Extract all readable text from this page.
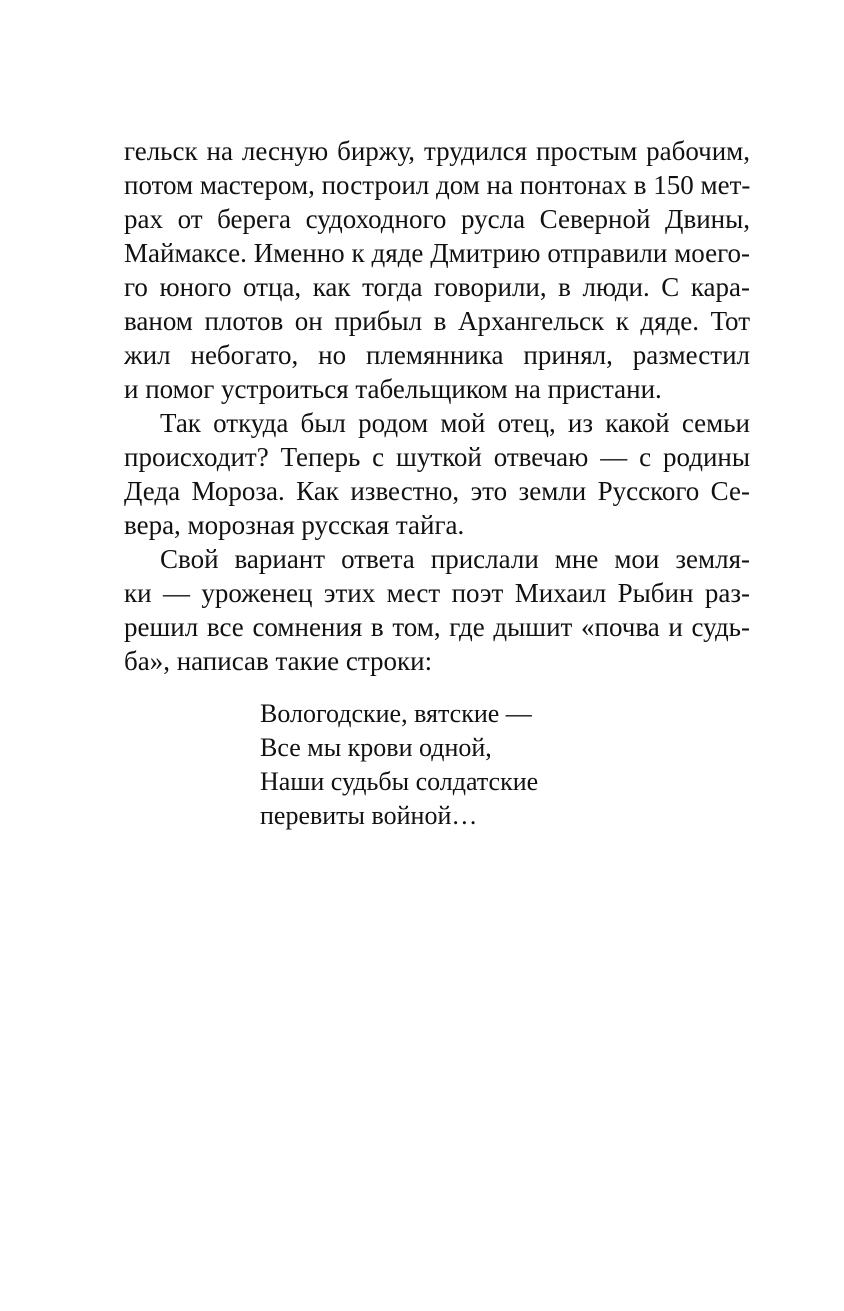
гельск на лесную биржу, трудился простым рабочим,
потом мастером, построил дом на понтонах в 150 мет-
рах от берега судоходного русла Северной Двины,
Маймаксе. Именно к дяде Дмитрию отправили моего-
го юного отца, как тогда говорили, в люди. С кара-
ваном плотов он прибыл в Архангельск к дяде. Тот
жил небогато, но племянника принял, разместил
и помог устроиться табельщиком на пристани.
Так откуда был родом мой отец, из какой семьи
происходит? Теперь с шуткой отвечаю — с родины
Деда Мороза. Как известно, это земли Русского Се-
вера, морозная русская тайга.
Свой вариант ответа прислали мне мои земля-
ки — уроженец этих мест поэт Михаил Рыбин раз-
решил все сомнения в том, где дышит «почва и судь-
ба», написав такие строки:
Вологодские, вятские —
Все мы крови одной,
Наши судьбы солдатские
перевиты войной…
